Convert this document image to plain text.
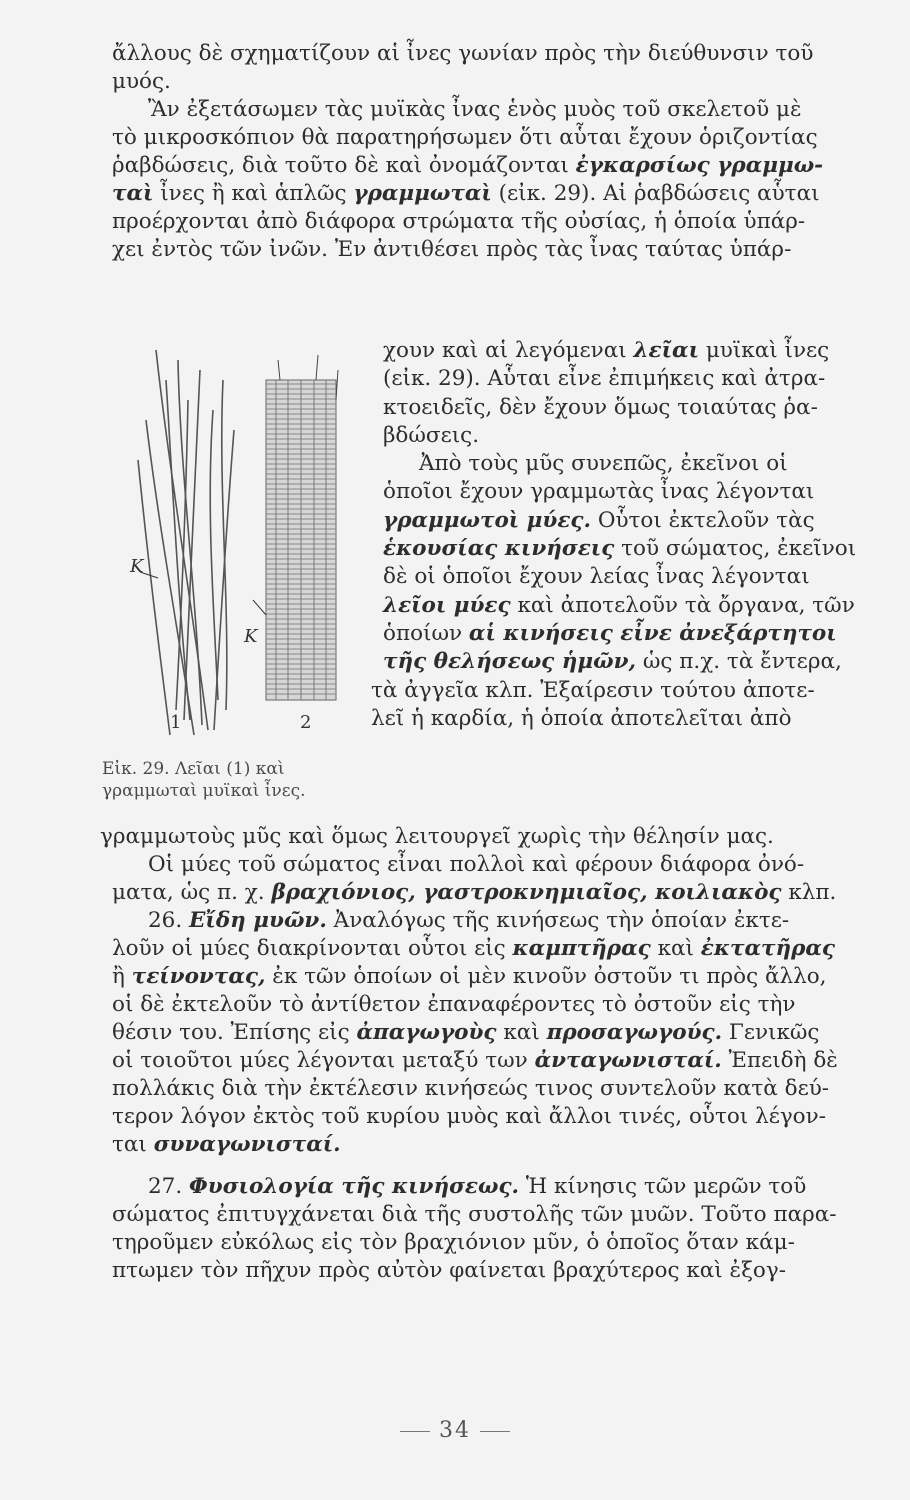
ἄλλους δὲ σχηματίζουν αἱ ἶνες γωνίαν πρὸς τὴν διεύθυνσιν τοῦ
μυός.

Ἂν ἐξετάσωμεν τὰς μυϊκὰς ἶνας ἑνὸς μυὸς τοῦ σκελετοῦ μὲ
τὸ μικροσκόπιον θὰ παρατηρήσωμεν ὅτι αὗται ἔχουν ὁριζοντίας
ῥαβδώσεις, διὰ τοῦτο δὲ καὶ ὀνομάζονται ἐγκαρσίως γραμμω-
ταὶ ἶνες ἢ καὶ ἁπλῶς γραμμωταὶ (εἰκ. 29). Αἱ ῥαβδώσεις αὗται
προέρχονται ἀπὸ διάφορα στρώματα τῆς οὐσίας, ἡ ὁποία ὑπάρ-
χει ἐντὸς τῶν ἰνῶν. Ἐν ἀντιθέσει πρὸς τὰς ἶνας ταύτας ὑπάρ-

K
K
1	2
Εἰκ. 29. Λεῖαι (1) καὶ
γραμμωταὶ μυϊκαὶ ἶνες.
χουν καὶ αἱ λεγόμεναι λεῖαι μυϊκαὶ ἶνες
(εἰκ. 29). Αὗται εἶνε ἐπιμήκεις καὶ ἀτρα-
κτοειδεῖς, δὲν ἔχουν ὅμως τοιαύτας ῥα-
βδώσεις.
Ἀπὸ τοὺς μῦς συνεπῶς, ἐκεῖνοι οἱ
ὁποῖοι ἔχουν γραμμωτὰς ἶνας λέγονται
γραμμωτοὶ μύες. Οὗτοι ἐκτελοῦν τὰς
ἑκουσίας κινήσεις τοῦ σώματος, ἐκεῖνοι
δὲ οἱ ὁποῖοι ἔχουν λείας ἶνας λέγονται
λεῖοι μύες καὶ ἀποτελοῦν τὰ ὄργανα, τῶν
ὁποίων αἱ κινήσεις εἶνε ἀνεξάρτητοι
τῆς θελήσεως ἡμῶν, ὡς π.χ. τὰ ἔντερα,
τὰ ἀγγεῖα κλπ. Ἐξαίρεσιν τούτου ἀποτε-
λεῖ ἡ καρδία, ἡ ὁποία ἀποτελεῖται ἀπὸ
γραμμωτοὺς μῦς καὶ ὅμως λειτουργεῖ χωρὶς τὴν θέλησίν μας.
Οἱ μύες τοῦ σώματος εἶναι πολλοὶ καὶ φέρουν διάφορα ὀνό-
ματα, ὡς π. χ. βραχιόνιος, γαστροκνημιαῖος, κοιλιακὸς κλπ.
26. Εἴδη μυῶν. Ἀναλόγως τῆς κινήσεως τὴν ὁποίαν ἐκτε-
λοῦν οἱ μύες διακρίνονται οὗτοι εἰς καμπτῆρας καὶ ἐκτατῆρας
ἢ τείνοντας, ἐκ τῶν ὁποίων οἱ μὲν κινοῦν ὀστοῦν τι πρὸς ἄλλο,
οἱ δὲ ἐκτελοῦν τὸ ἀντίθετον ἐπαναφέροντες τὸ ὀστοῦν εἰς τὴν
θέσιν του. Ἐπίσης εἰς ἀπαγωγοὺς καὶ προσαγωγούς. Γενικῶς
οἱ τοιοῦτοι μύες λέγονται μεταξύ των ἀνταγωνισταί. Ἐπειδὴ δὲ
πολλάκις διὰ τὴν ἐκτέλεσιν κινήσεώς τινος συντελοῦν κατὰ δεύ-
τερον λόγον ἐκτὸς τοῦ κυρίου μυὸς καὶ ἄλλοι τινές, οὗτοι λέγον-
ται συναγωνισταί.
27. Φυσιολογία τῆς κινήσεως. Ἡ κίνησις τῶν μερῶν τοῦ
σώματος ἐπιτυγχάνεται διὰ τῆς συστολῆς τῶν μυῶν. Τοῦτο παρα-
τηροῦμεν εὐκόλως εἰς τὸν βραχιόνιον μῦν, ὁ ὁποῖος ὅταν κάμ-
πτωμεν τὸν πῆχυν πρὸς αὐτὸν φαίνεται βραχύτερος καὶ ἐξογ-
34
